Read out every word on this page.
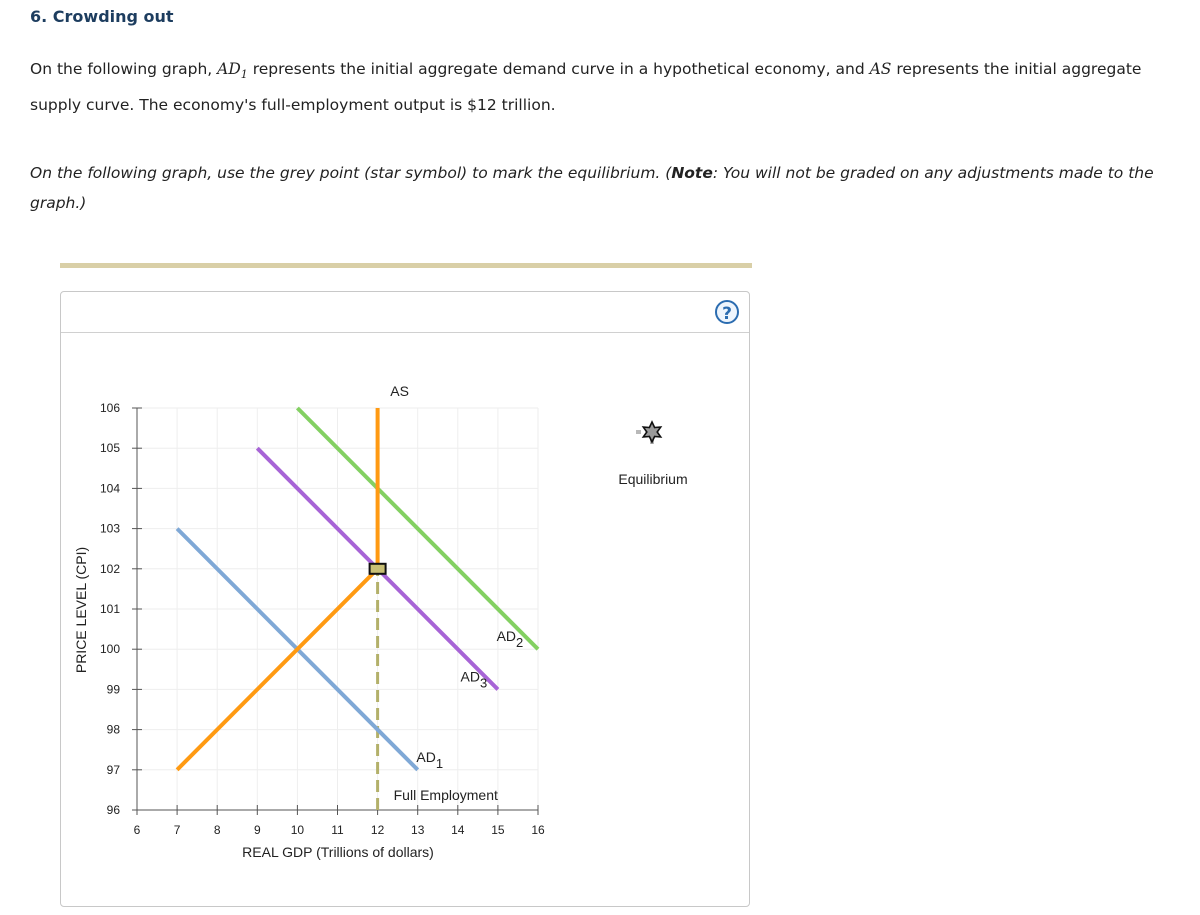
6. Crowding out
On the following graph, $AD_1$ represents the initial aggregate demand curve in a hypothetical economy, and AS represents the initial aggregate supply curve. The economy's full-employment output is $12 trillion.
On the following graph, use the grey point (star symbol) to mark the equilibrium. (Note: You will not be graded on any adjustments made to the graph.)
?
96
97
98
99
100
101
102
103
104
105
106
6	7	8	9	10 11 12 13 14 15 16
Full Employment
AD1
AD3
AD2
AS
Equilibrium
PRICE LEVEL (CPI)
REAL GDP (Trillions of dollars)
